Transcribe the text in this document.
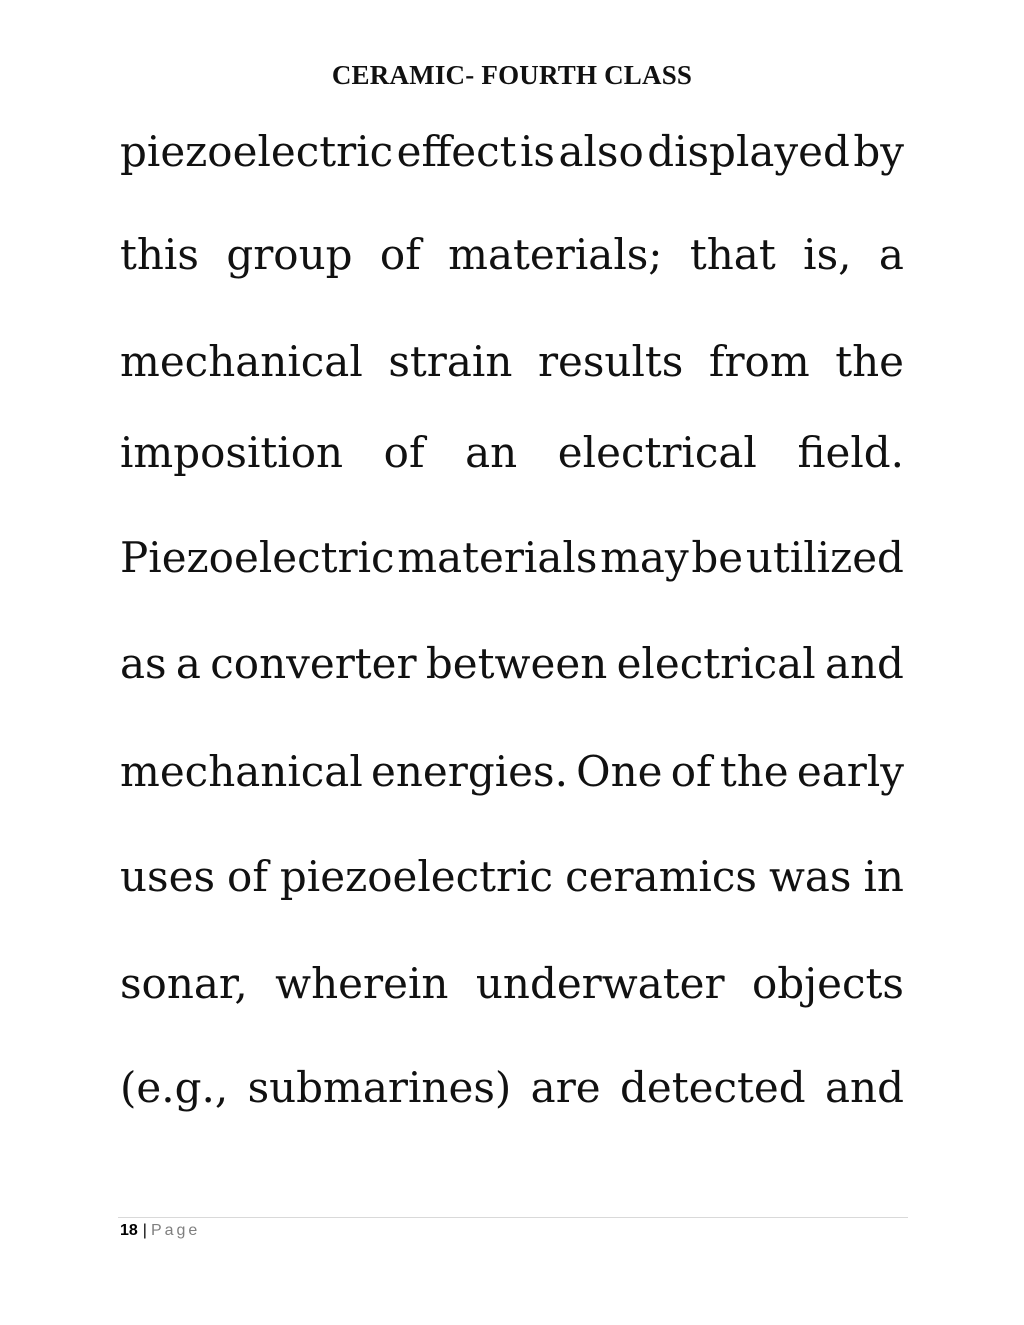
CERAMIC- FOURTH CLASS
piezoelectric effect is also displayed by
this group of materials; that is, a
mechanical strain results from the
imposition of an electrical field.
Piezoelectric materials may be utilized
as a converter between electrical and
mechanical energies. One of the early
uses of piezoelectric ceramics was in
sonar, wherein underwater objects
(e.g., submarines) are detected and
18 | Page
